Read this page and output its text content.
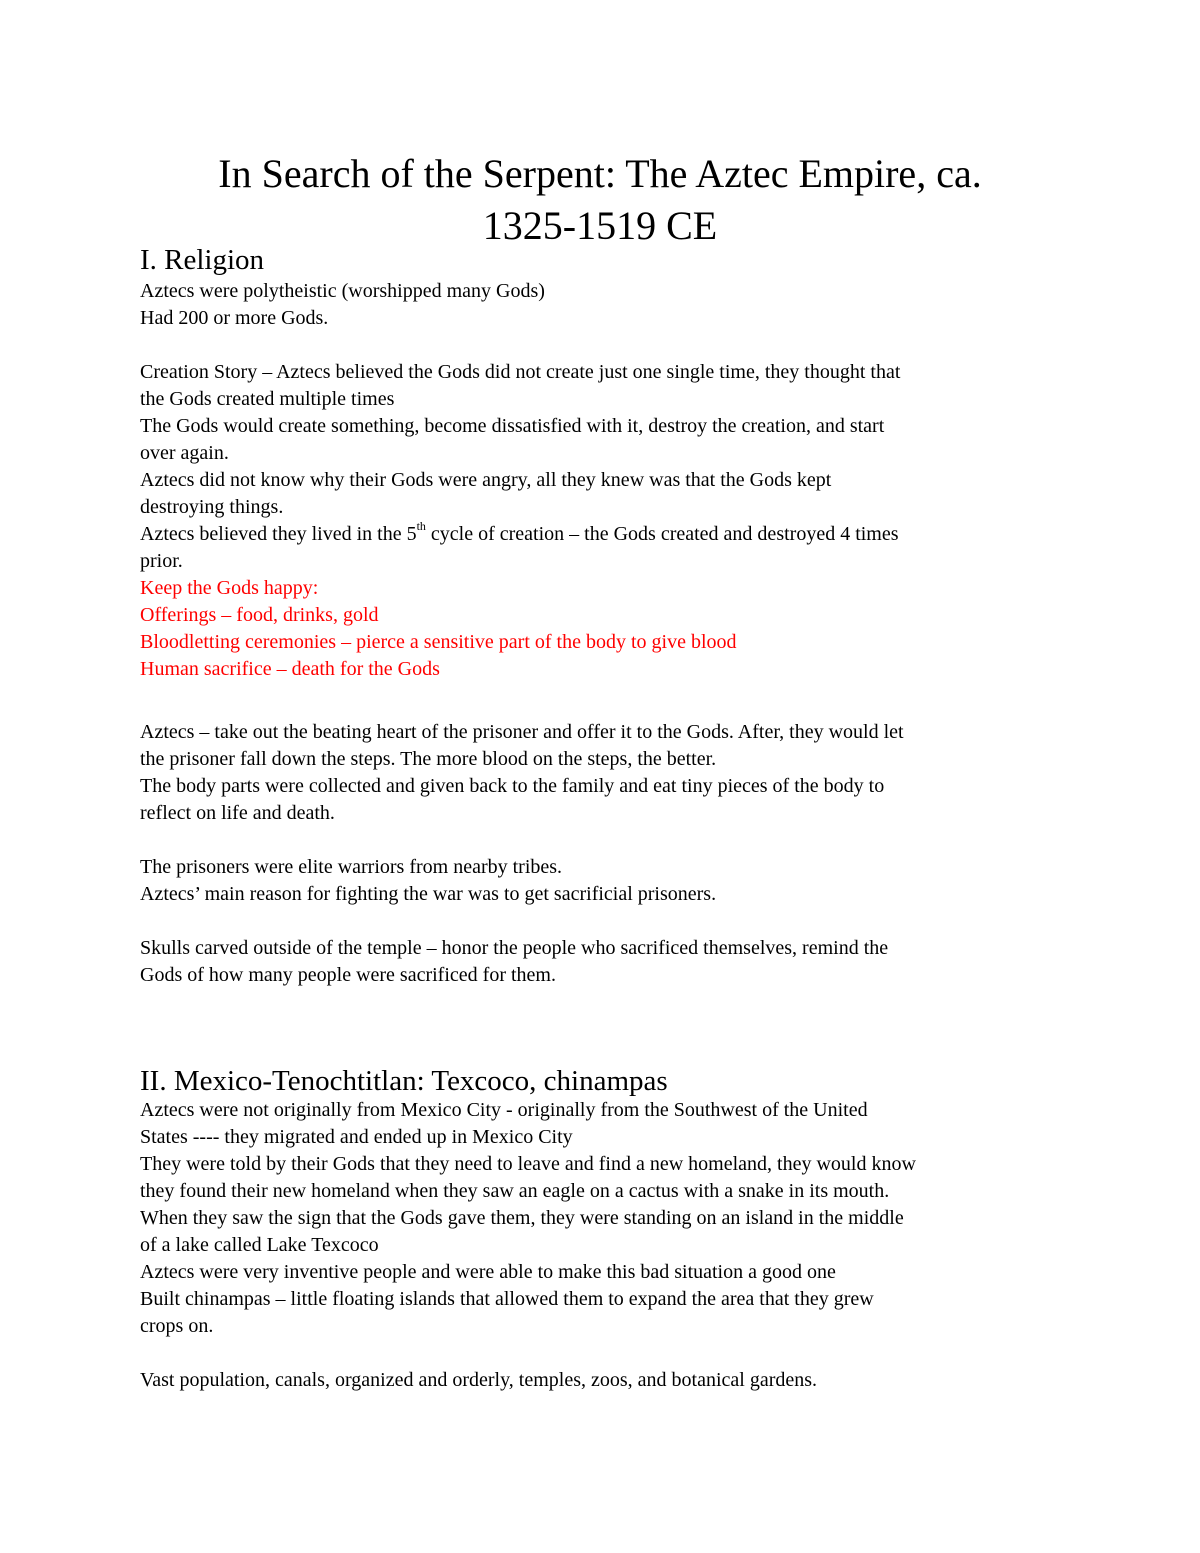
In Search of the Serpent: The Aztec Empire, ca.
1325-1519 CE
I. Religion
Aztecs were polytheistic (worshipped many Gods)
Had 200 or more Gods.
Creation Story – Aztecs believed the Gods did not create just one single time, they thought that
the Gods created multiple times
The Gods would create something, become dissatisfied with it, destroy the creation, and start
over again.
Aztecs did not know why their Gods were angry, all they knew was that the Gods kept
destroying things.
Aztecs believed they lived in the 5th cycle of creation – the Gods created and destroyed 4 times
prior.
Keep the Gods happy:
Offerings – food, drinks, gold
Bloodletting ceremonies – pierce a sensitive part of the body to give blood
Human sacrifice – death for the Gods
Aztecs – take out the beating heart of the prisoner and offer it to the Gods. After, they would let
the prisoner fall down the steps. The more blood on the steps, the better.
The body parts were collected and given back to the family and eat tiny pieces of the body to
reflect on life and death.
The prisoners were elite warriors from nearby tribes.
Aztecs’ main reason for fighting the war was to get sacrificial prisoners.
Skulls carved outside of the temple – honor the people who sacrificed themselves, remind the
Gods of how many people were sacrificed for them.
II. Mexico-Tenochtitlan: Texcoco, chinampas
Aztecs were not originally from Mexico City - originally from the Southwest of the United
States ---- they migrated and ended up in Mexico City
They were told by their Gods that they need to leave and find a new homeland, they would know
they found their new homeland when they saw an eagle on a cactus with a snake in its mouth.
When they saw the sign that the Gods gave them, they were standing on an island in the middle
of a lake called Lake Texcoco
Aztecs were very inventive people and were able to make this bad situation a good one
Built chinampas – little floating islands that allowed them to expand the area that they grew
crops on.
Vast population, canals, organized and orderly, temples, zoos, and botanical gardens.
